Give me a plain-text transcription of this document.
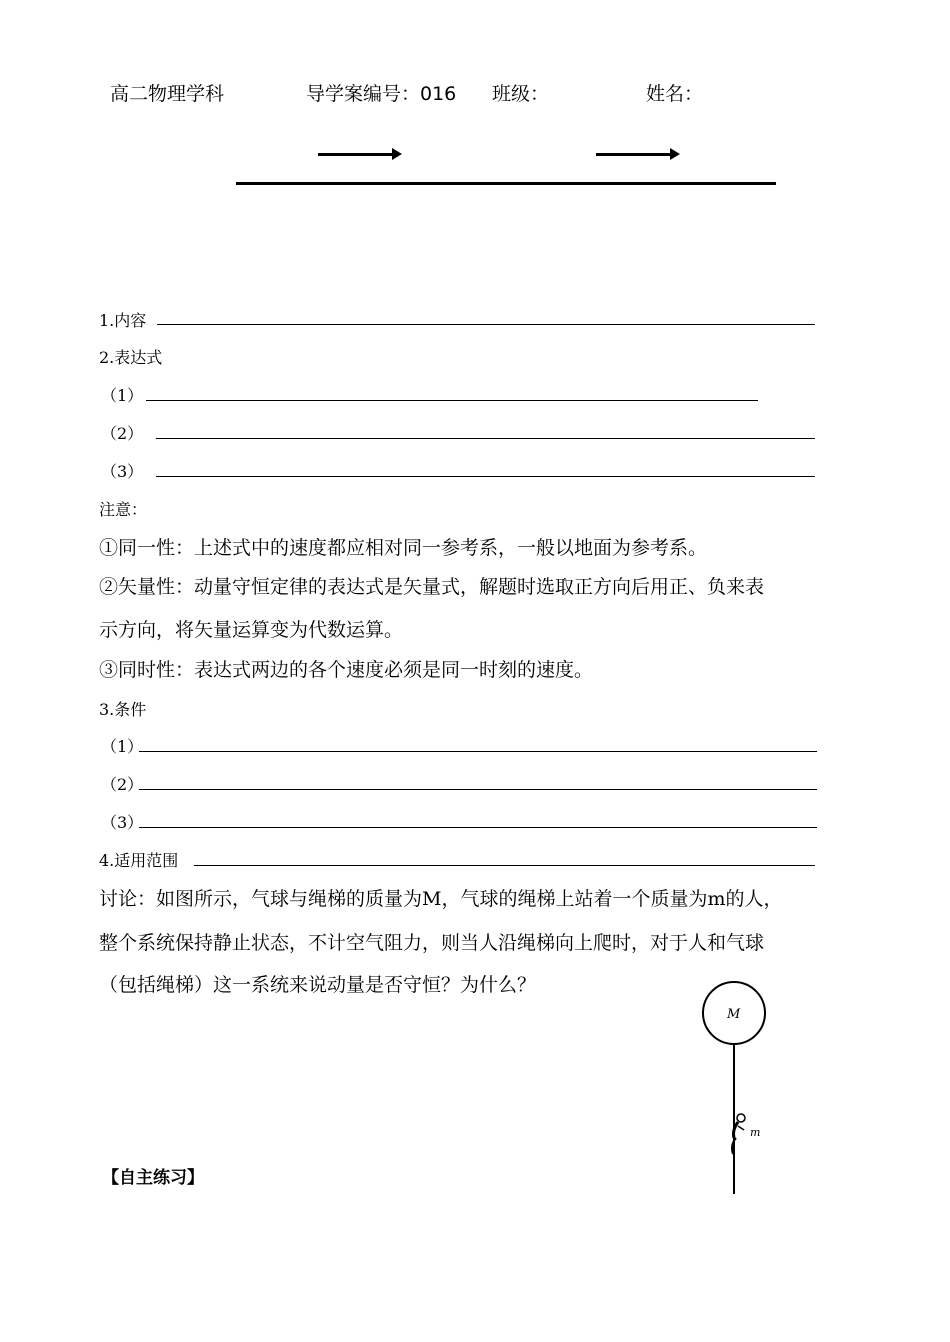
高二物理学科	导学案编号：016 班级：	姓名：
1.内容
2.表达式
（1）
（2）
（3）
注意：
①同一性：上述式中的速度都应相对同一参考系，一般以地面为参考系。
②矢量性：动量守恒定律的表达式是矢量式，解题时选取正方向后用正、负来表
示方向，将矢量运算变为代数运算。
③同时性：表达式两边的各个速度必须是同一时刻的速度。
3.条件
（1）
（2）
（3）
4.适用范围
讨论：如图所示，气球与绳梯的质量为M，气球的绳梯上站着一个质量为m的人，
整个系统保持静止状态，不计空气阻力，则当人沿绳梯向上爬时，对于人和气球
（包括绳梯）这一系统来说动量是否守恒？为什么？
M
m
【自主练习】
